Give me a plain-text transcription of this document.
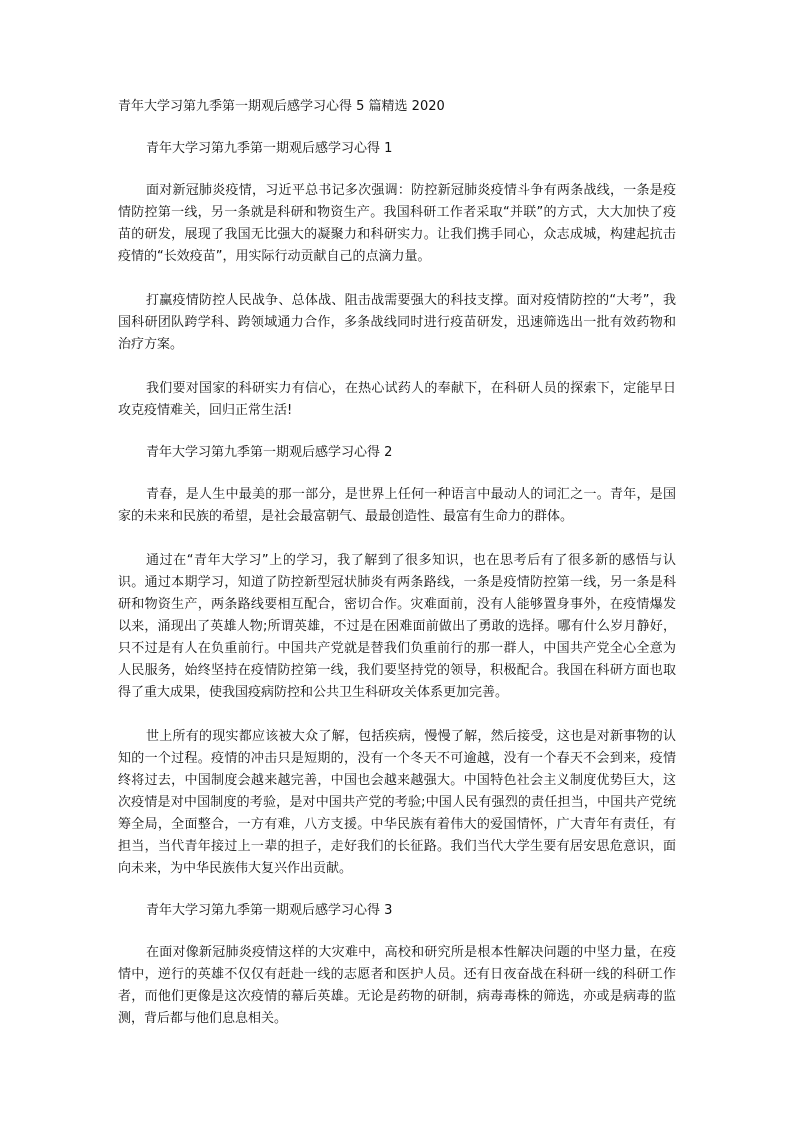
青年大学习第九季第一期观后感学习心得 5 篇精选 2020
青年大学习第九季第一期观后感学习心得 1

面对新冠肺炎疫情，习近平总书记多次强调：防控新冠肺炎疫情斗争有两条战线，一条是疫情防控第一线，另一条就是科研和物资生产。我国科研工作者采取“并联”的方式，大大加快了疫苗的研发，展现了我国无比强大的凝聚力和科研实力。让我们携手同心，众志成城，构建起抗击疫情的“长效疫苗”，用实际行动贡献自己的点滴力量。

打赢疫情防控人民战争、总体战、阻击战需要强大的科技支撑。面对疫情防控的“大考”，我国科研团队跨学科、跨领域通力合作，多条战线同时进行疫苗研发，迅速筛选出一批有效药物和治疗方案。

我们要对国家的科研实力有信心，在热心试药人的奉献下，在科研人员的探索下，定能早日攻克疫情难关，回归正常生活!

青年大学习第九季第一期观后感学习心得 2

青春，是人生中最美的那一部分，是世界上任何一种语言中最动人的词汇之一。青年，是国家的未来和民族的希望，是社会最富朝气、最最创造性、最富有生命力的群体。

通过在“青年大学习”上的学习，我了解到了很多知识，也在思考后有了很多新的感悟与认识。通过本期学习，知道了防控新型冠状肺炎有两条路线，一条是疫情防控第一线，另一条是科研和物资生产，两条路线要相互配合，密切合作。灾难面前，没有人能够置身事外，在疫情爆发以来，涌现出了英雄人物;所谓英雄，不过是在困难面前做出了勇敢的选择。哪有什么岁月静好，只不过是有人在负重前行。中国共产党就是替我们负重前行的那一群人，中国共产党全心全意为人民服务，始终坚持在疫情防控第一线，我们要坚持党的领导，积极配合。我国在科研方面也取得了重大成果，使我国疫病防控和公共卫生科研攻关体系更加完善。

世上所有的现实都应该被大众了解，包括疾病，慢慢了解，然后接受，这也是对新事物的认知的一个过程。疫情的冲击只是短期的，没有一个冬天不可逾越，没有一个春天不会到来，疫情终将过去，中国制度会越来越完善，中国也会越来越强大。中国特色社会主义制度优势巨大，这次疫情是对中国制度的考验，是对中国共产党的考验;中国人民有强烈的责任担当，中国共产党统筹全局，全面整合，一方有难，八方支援。中华民族有着伟大的爱国情怀，广大青年有责任，有担当，当代青年接过上一辈的担子，走好我们的长征路。我们当代大学生要有居安思危意识，面向未来，为中华民族伟大复兴作出贡献。

青年大学习第九季第一期观后感学习心得 3

在面对像新冠肺炎疫情这样的大灾难中，高校和研究所是根本性解决问题的中坚力量，在疫情中，逆行的英雄不仅仅有赶赴一线的志愿者和医护人员。还有日夜奋战在科研一线的科研工作者，而他们更像是这次疫情的幕后英雄。无论是药物的研制，病毒毒株的筛选，亦或是病毒的监测，背后都与他们息息相关。
